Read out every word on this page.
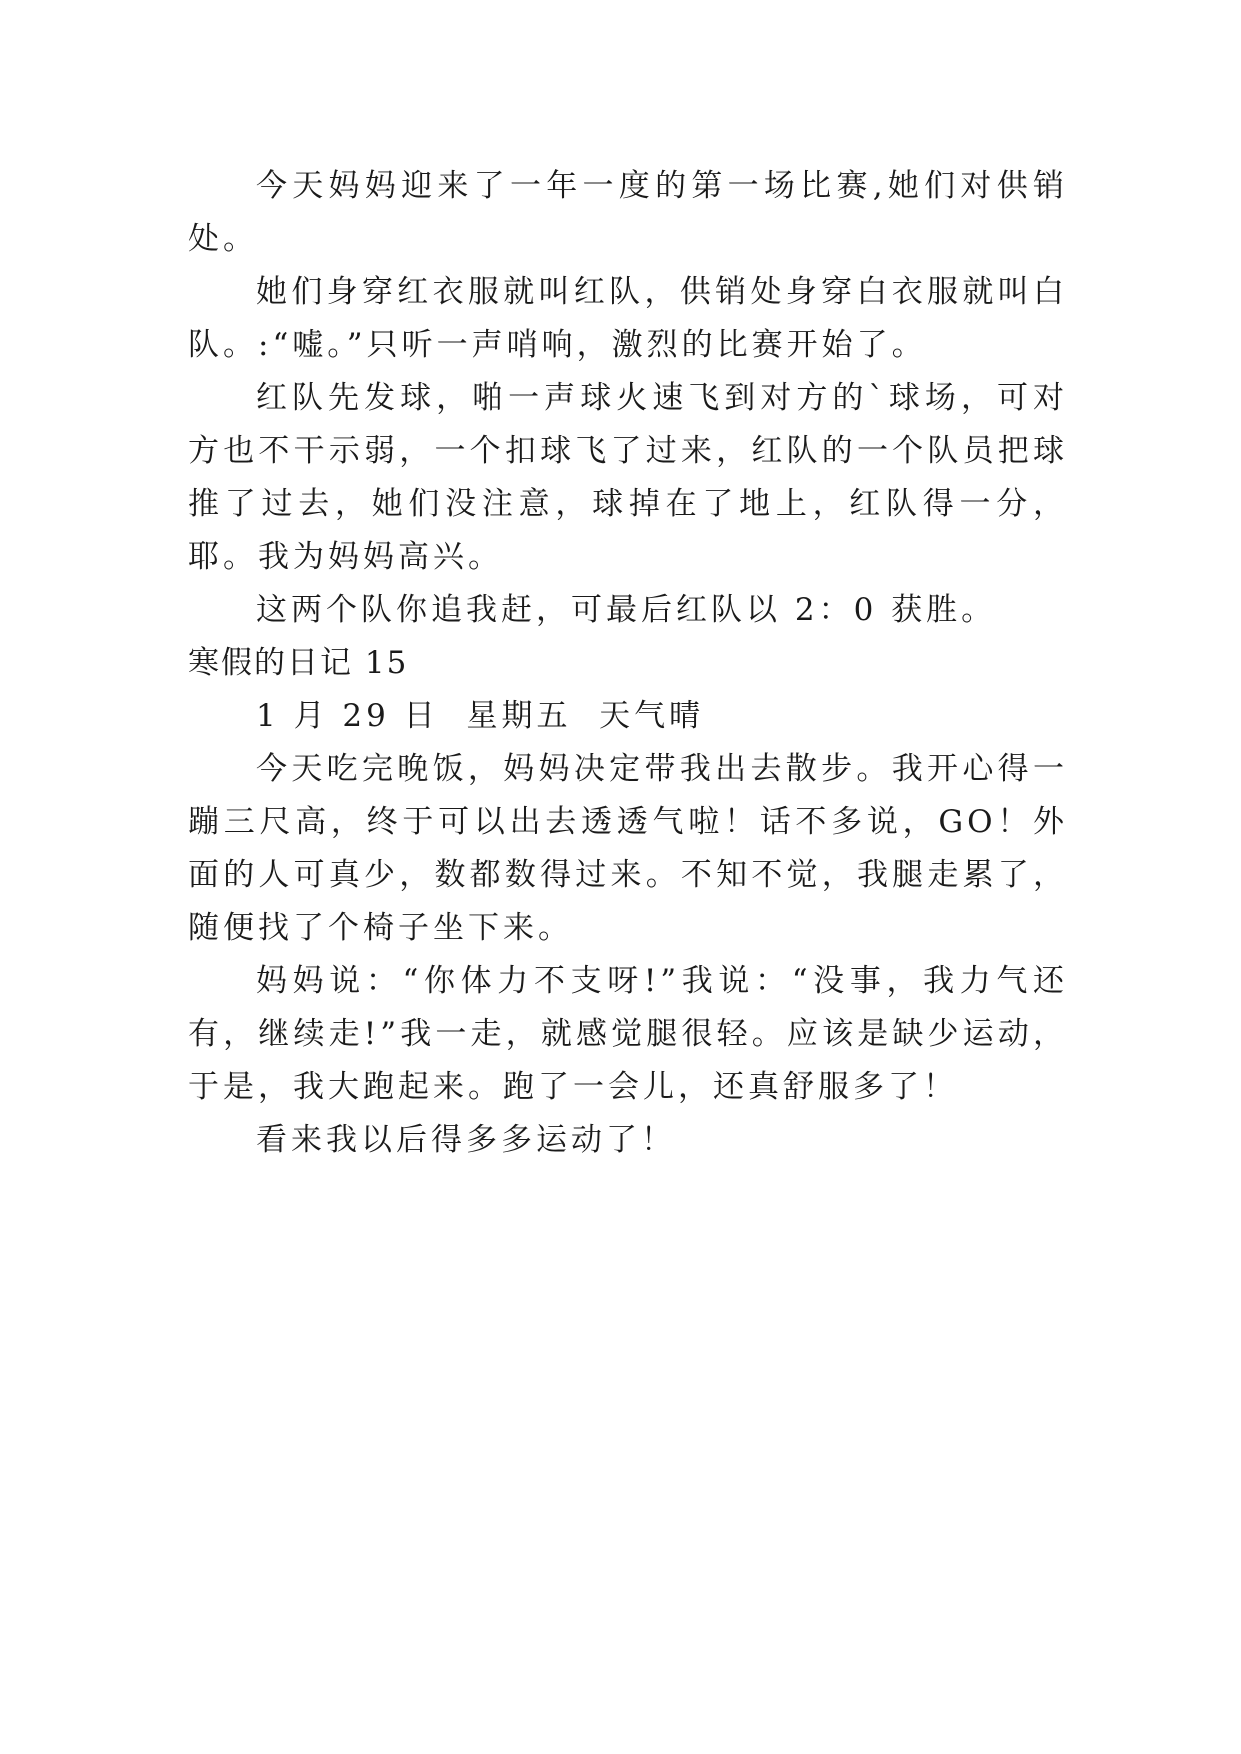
今天妈妈迎来了一年一度的第一场比赛,她们对供销处。

她们身穿红衣服就叫红队，供销处身穿白衣服就叫白队。:“嘘。”只听一声哨响，激烈的比赛开始了。

红队先发球，啪一声球火速飞到对方的`球场，可对方也不干示弱，一个扣球飞了过来，红队的一个队员把球推了过去，她们没注意，球掉在了地上，红队得一分，耶。我为妈妈高兴。

这两个队你追我赶，可最后红队以 2：0 获胜。

寒假的日记 15

1 月 29 日  星期五  天气晴

今天吃完晚饭，妈妈决定带我出去散步。我开心得一蹦三尺高，终于可以出去透透气啦！话不多说，GO！外面的人可真少，数都数得过来。不知不觉，我腿走累了，随便找了个椅子坐下来。

妈妈说：“你体力不支呀!”我说：“没事，我力气还有，继续走!”我一走，就感觉腿很轻。应该是缺少运动，于是，我大跑起来。跑了一会儿，还真舒服多了！

看来我以后得多多运动了！
